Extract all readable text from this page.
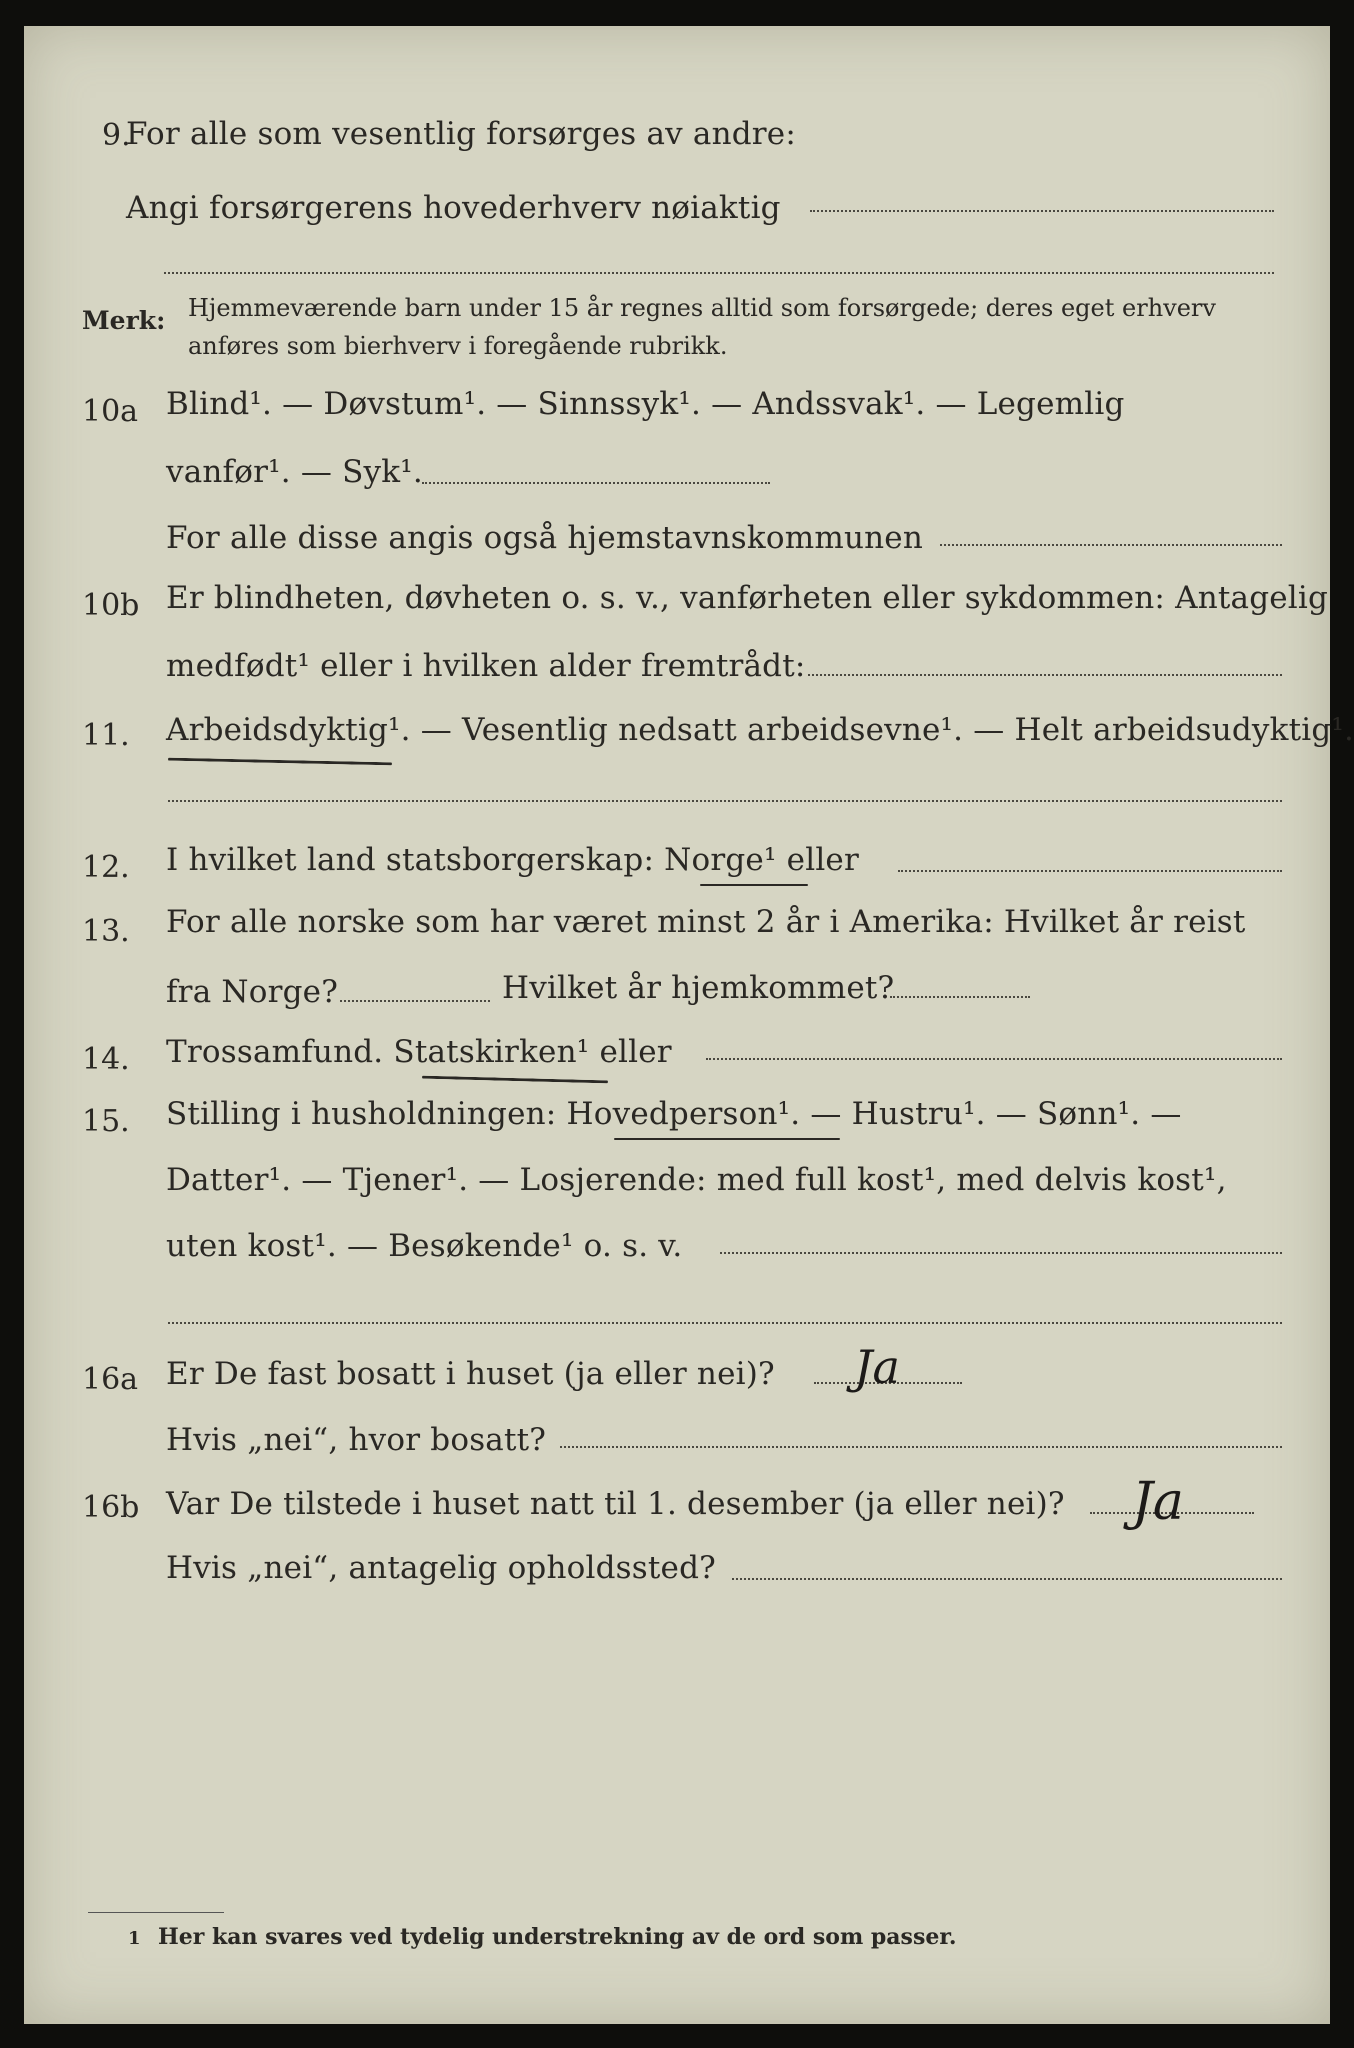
9.
For alle som vesentlig forsørges av andre:
Angi forsørgerens hovederhverv nøiaktig
Merk: Hjemmeværende barn under 15 år regnes alltid som forsørgede; deres eget erhverv
anføres som bierhverv i foregående rubrikk.
10a Blind¹. — Døvstum¹. — Sinnssyk¹. — Andssvak¹. — Legemlig
vanfør¹. — Syk¹.
For alle disse angis også hjemstavnskommunen
10b Er blindheten, døvheten o. s. v., vanførheten eller sykdommen: Antagelig
medfødt¹ eller i hvilken alder fremtrådt:
11. Arbeidsdyktig¹. — Vesentlig nedsatt arbeidsevne¹. — Helt arbeidsudyktig¹.
12. I hvilket land statsborgerskap: Norge¹ eller
13. For alle norske som har været minst 2 år i Amerika: Hvilket år reist
fra Norge?	Hvilket år hjemkommet?
14. Trossamfund. Statskirken¹ eller
15. Stilling i husholdningen: Hovedperson¹. — Hustru¹. — Sønn¹. —
Datter¹. — Tjener¹. — Losjerende: med full kost¹, med delvis kost¹,
uten kost¹. — Besøkende¹ o. s. v.
16a Er De fast bosatt i huset (ja eller nei)? Ja
Hvis „nei“, hvor bosatt?
16b Var De tilstede i huset natt til 1. desember (ja eller nei)? Ja
Hvis „nei“, antagelig opholdssted?
1 Her kan svares ved tydelig understrekning av de ord som passer.
